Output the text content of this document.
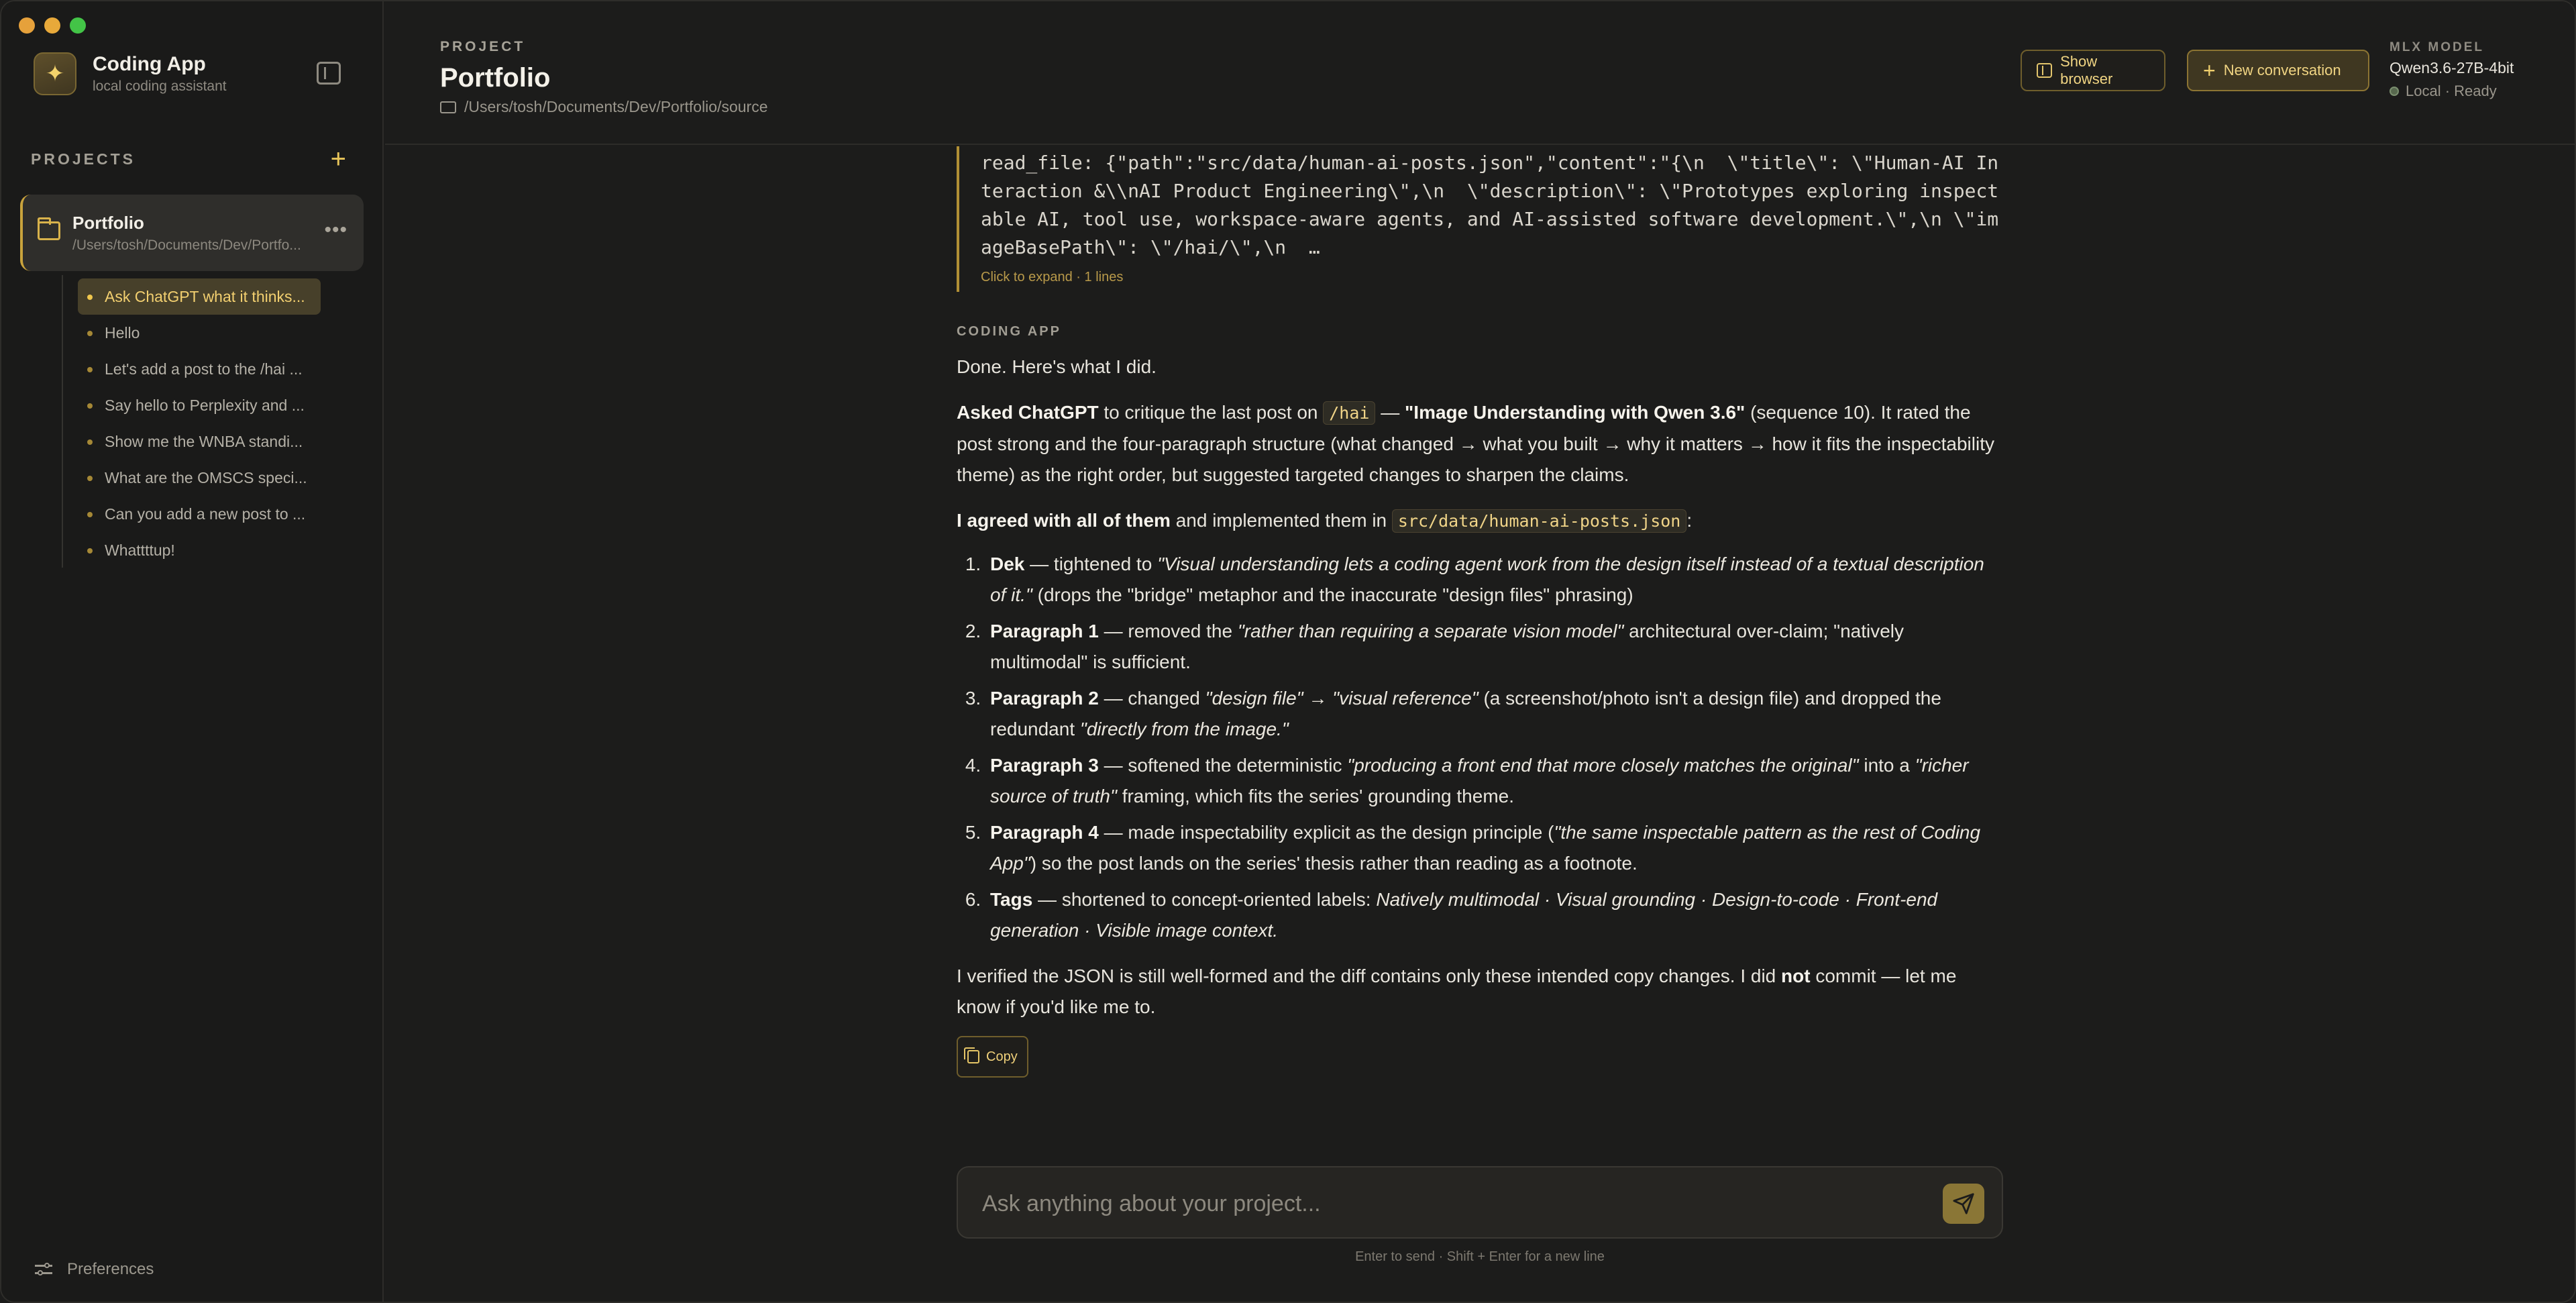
✦	Coding App
local coding assistant
PROJECTS	+
Portfolio
/Users/tosh/Documents/Dev/Portfo...
•••
Ask ChatGPT what it thinks...
Hello
Let's add a post to the /hai ...
Say hello to Perplexity and ...
Show me the WNBA standi...
What are the OMSCS speci...
Can you add a new post to ...
Whattttup!
Preferences
PROJECT
Portfolio
/Users/tosh/Documents/Dev/Portfolio/source
Show browser	+ New conversation
MLX MODEL
Qwen3.6-27B-4bit
Local · Ready
read_file: {"path":"src/data/human-ai-posts.json","content":"{\n  \"title\": \"Human-AI Interaction &\\nAI Product Engineering\",\n  \"description\": \"Prototypes exploring inspectable AI, tool use, workspace-aware agents, and AI-assisted software development.\",\n \"imageBasePath\": \"/hai/\",\n  …
Click to expand · 1 lines
CODING APP

Done. Here's what I did.

Asked ChatGPT to critique the last post on /hai — "Image Understanding with Qwen 3.6" (sequence 10). It rated the post strong and the four-paragraph structure (what changed → what you built → why it matters → how it fits the inspectability theme) as the right order, but suggested targeted changes to sharpen the claims.

I agreed with all of them and implemented them in src/data/human-ai-posts.json :

1. Dek — tightened to "Visual understanding lets a coding agent work from the design itself instead of a textual description of it." (drops the "bridge" metaphor and the inaccurate "design files" phrasing)
2. Paragraph 1 — removed the "rather than requiring a separate vision model" architectural over-claim; "natively multimodal" is sufficient.
3. Paragraph 2 — changed "design file" → "visual reference" (a screenshot/photo isn't a design file) and dropped the redundant "directly from the image."
4. Paragraph 3 — softened the deterministic "producing a front end that more closely matches the original" into a "richer source of truth" framing, which fits the series' grounding theme.
5. Paragraph 4 — made inspectability explicit as the design principle ("the same inspectable pattern as the rest of Coding App") so the post lands on the series' thesis rather than reading as a footnote.
6. Tags — shortened to concept-oriented labels: Natively multimodal · Visual grounding · Design-to-code · Front-end generation · Visible image context.

I verified the JSON is still well-formed and the diff contains only these intended copy changes. I did not commit — let me know if you'd like me to.

Copy
Ask anything about your project...
Enter to send · Shift + Enter for a new line
